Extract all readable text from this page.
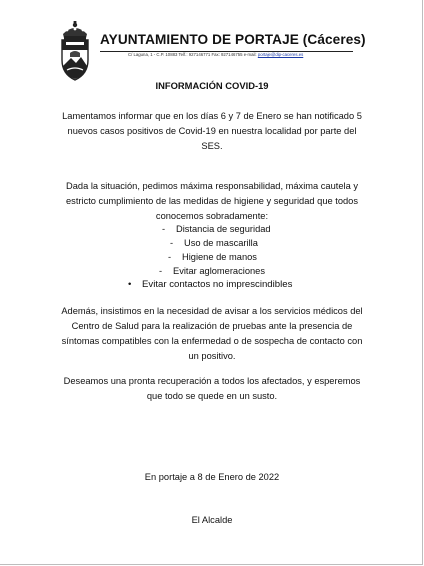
AYUNTAMIENTO DE PORTAJE (Cáceres)
C/ Laguna, 1 - C.P. 10883 Telf.: 927146771 Fax: 927146755 e-mail: portaje@dip-caceres.es
INFORMACIÓN COVID-19
Lamentamos informar que en los días 6 y 7 de Enero se han notificado 5 nuevos casos positivos de Covid-19 en nuestra localidad por parte del SES.
Dada la situación, pedimos máxima responsabilidad, máxima cautela y estricto cumplimiento de las medidas de higiene y seguridad que todos conocemos sobradamente:
- Distancia de seguridad
- Uso de mascarilla
- Higiene de manos
- Evitar aglomeraciones
• Evitar contactos no imprescindibles
Además, insistimos en la necesidad de avisar a los servicios médicos del Centro de Salud para la realización de pruebas ante la presencia de síntomas compatibles con la enfermedad o de sospecha de contacto con un positivo.
Deseamos una pronta recuperación a todos los afectados, y esperemos que todo se quede en un susto.
En portaje a 8 de Enero de 2022
El Alcalde
